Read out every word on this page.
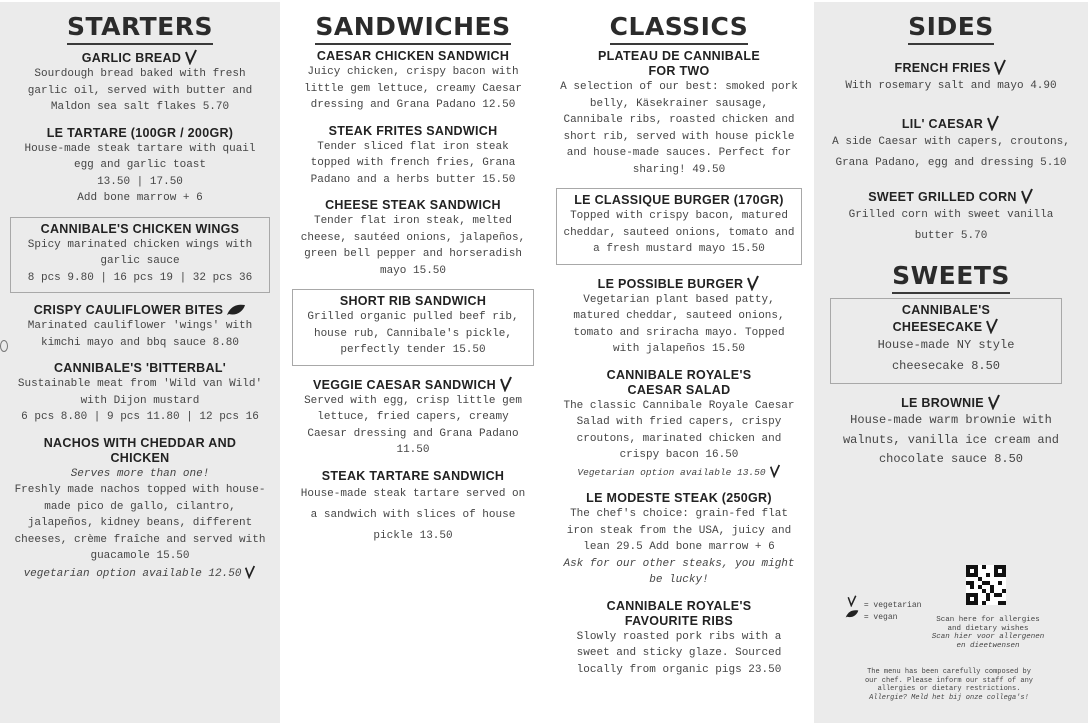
STARTERS
GARLIC BREAD
Sourdough bread baked with fresh garlic oil, served with butter and Maldon sea salt flakes 5.70
LE TARTARE (100GR / 200GR)
House-made steak tartare with quail egg and garlic toast
13.50 | 17.50
Add bone marrow + 6
CANNIBALE'S CHICKEN WINGS
Spicy marinated chicken wings with garlic sauce
8 pcs 9.80 | 16 pcs 19 | 32 pcs 36
CRISPY CAULIFLOWER BITES
Marinated cauliflower 'wings' with kimchi mayo and bbq sauce 8.80
CANNIBALE'S 'BITTERBAL'
Sustainable meat from 'Wild van Wild' with Dijon mustard
6 pcs 8.80 | 9 pcs 11.80 | 12 pcs 16
NACHOS WITH CHEDDAR AND CHICKEN
Serves more than one!
Freshly made nachos topped with house-made pico de gallo, cilantro, jalapeños, kidney beans, different cheeses, crème fraîche and served with guacamole 15.50
vegetarian option available 12.50
SANDWICHES
CAESAR CHICKEN SANDWICH
Juicy chicken, crispy bacon with little gem lettuce, creamy Caesar dressing and Grana Padano 12.50
STEAK FRITES SANDWICH
Tender sliced flat iron steak topped with french fries, Grana Padano and a herbs butter 15.50
CHEESE STEAK SANDWICH
Tender flat iron steak, melted cheese, sautéed onions, jalapeños, green bell pepper and horseradish mayo 15.50
SHORT RIB SANDWICH
Grilled organic pulled beef rib, house rub, Cannibale's pickle, perfectly tender 15.50
VEGGIE CAESAR SANDWICH
Served with egg, crisp little gem lettuce, fried capers, creamy Caesar dressing and Grana Padano 11.50
STEAK TARTARE SANDWICH
House-made steak tartare served on a sandwich with slices of house pickle 13.50
CLASSICS
PLATEAU DE CANNIBALE FOR TWO
A selection of our best: smoked pork belly, Käsekrainer sausage, Cannibale ribs, roasted chicken and short rib, served with house pickle and house-made sauces. Perfect for sharing! 49.50
LE CLASSIQUE BURGER (170GR)
Topped with crispy bacon, matured cheddar, sauteed onions, tomato and a fresh mustard mayo 15.50
LE POSSIBLE BURGER
Vegetarian plant based patty, matured cheddar, sauteed onions, tomato and sriracha mayo. Topped with jalapeños 15.50
CANNIBALE ROYALE'S CAESAR SALAD
The classic Cannibale Royale Caesar Salad with fried capers, crispy croutons, marinated chicken and crispy bacon 16.50
Vegetarian option available 13.50
LE MODESTE STEAK (250GR)
The chef's choice: grain-fed flat iron steak from the USA, juicy and lean 29.5 Add bone marrow + 6
Ask for our other steaks, you might be lucky!
CANNIBALE ROYALE'S FAVOURITE RIBS
Slowly roasted pork ribs with a sweet and sticky glaze. Sourced locally from organic pigs 23.50
SIDES
FRENCH FRIES
With rosemary salt and mayo 4.90
LIL' CAESAR
A side Caesar with capers, croutons, Grana Padano, egg and dressing 5.10
SWEET GRILLED CORN
Grilled corn with sweet vanilla butter 5.70
SWEETS
CANNIBALE'S CHEESECAKE
House-made NY style cheesecake 8.50
LE BROWNIE
House-made warm brownie with walnuts, vanilla ice cream and chocolate sauce 8.50
= vegetarian
= vegan	Scan here for allergies and dietary wishes
Scan hier voor allergenen en dieetwensen
The menu has been carefully composed by our chef. Please inform our staff of any allergies or dietary restrictions. Allergie? Meld het bij onze collega's!
